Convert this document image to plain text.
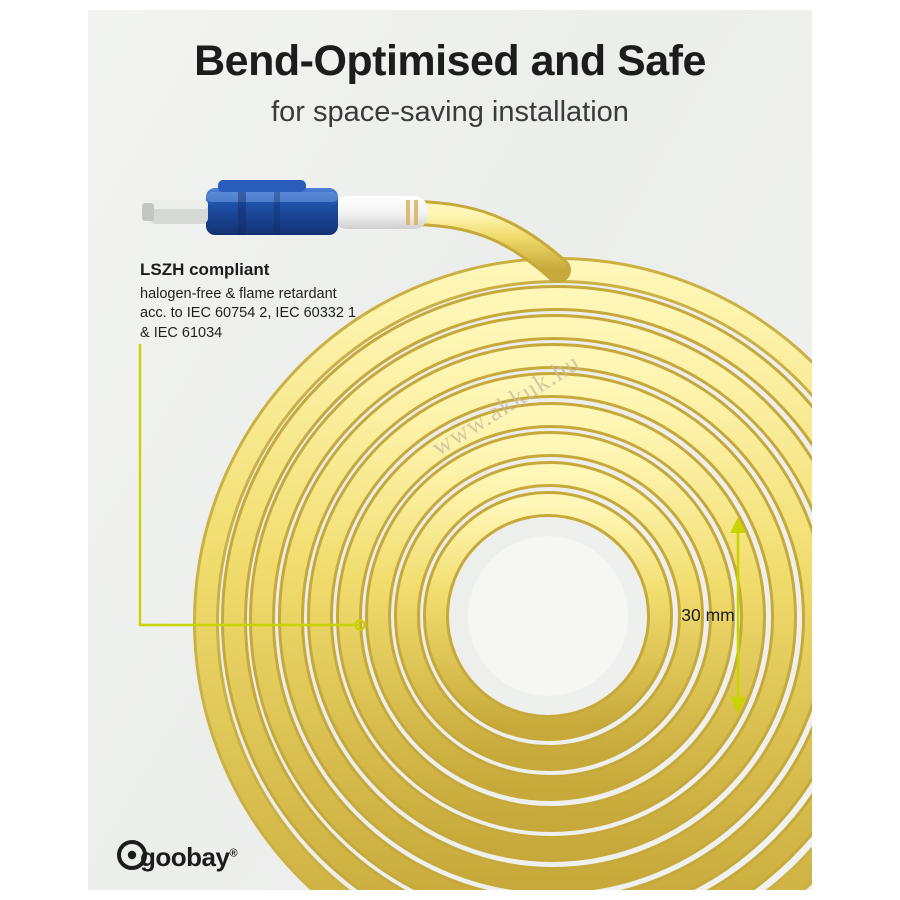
Bend-Optimised and Safe
for space-saving installation
LSZH compliant
halogen-free & flame retardant
acc. to IEC 60754 2, IEC 60332 1
& IEC 61034
30 mm
www.akkuk.hu
goobay®
